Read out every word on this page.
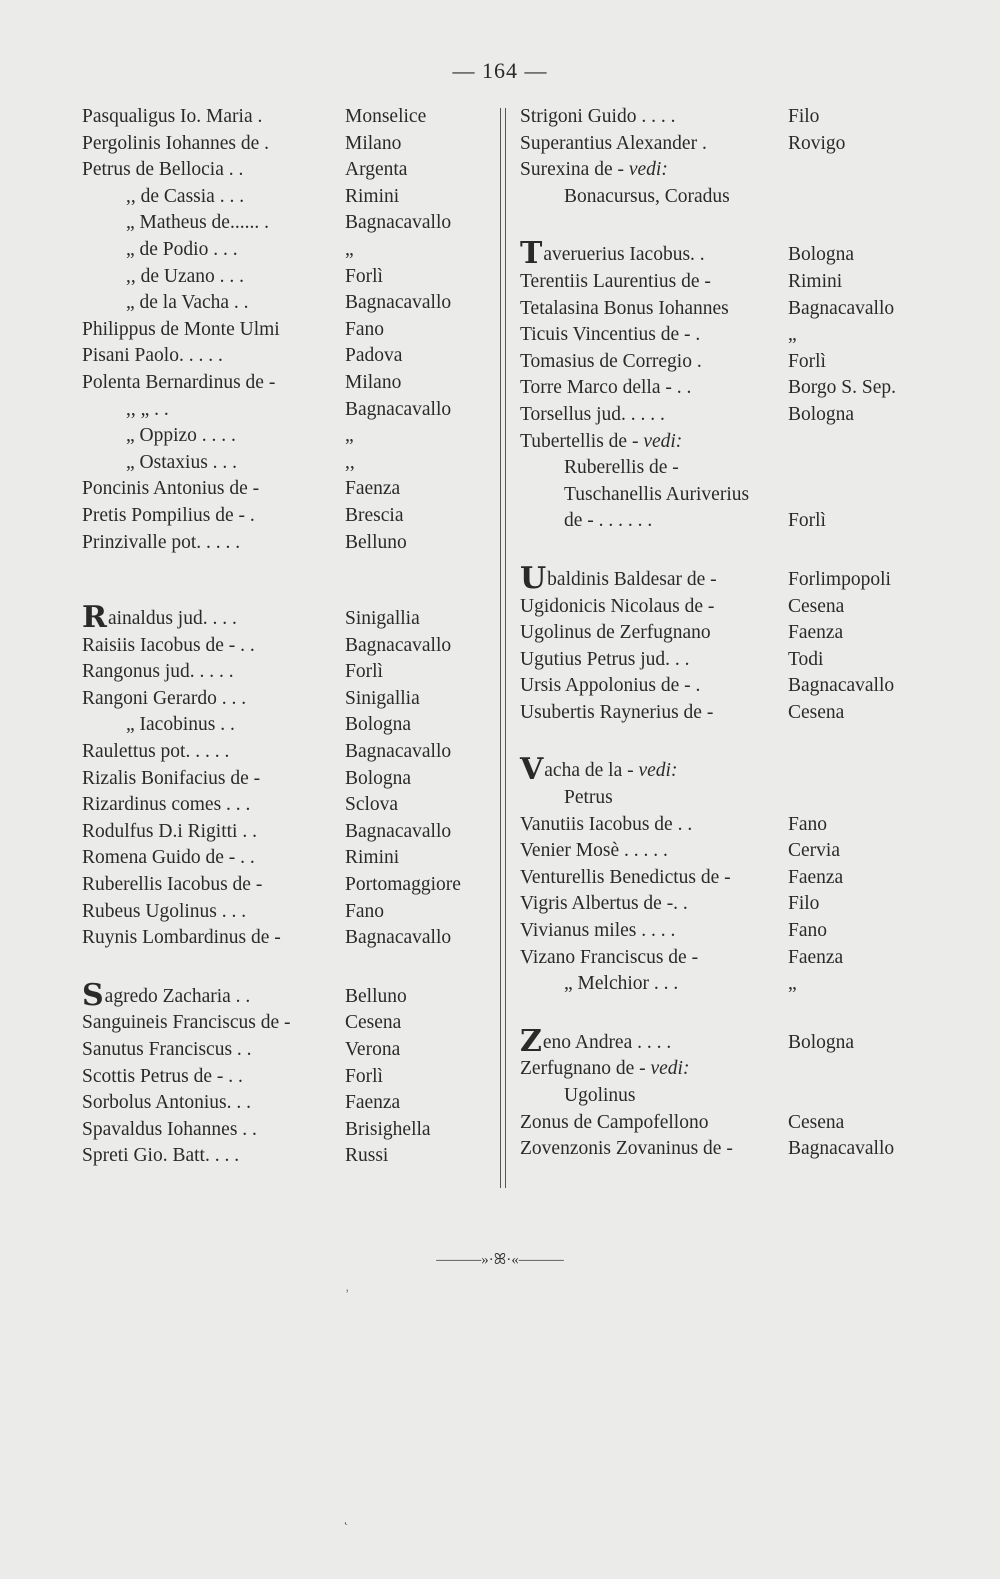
— 164 —
Pasqualigus Io. Maria .	Monselice
Pergolinis Iohannes de .	Milano
Petrus de Bellocia . .	Argenta
,, de Cassia . . .	Rimini
„ Matheus de...... .	Bagnacavallo
„ de Podio . . .	„
,, de Uzano . . .	Forlì
„ de la Vacha . .	Bagnacavallo
Philippus de Monte Ulmi	Fano
Pisani Paolo. . . . .	Padova
Polenta Bernardinus de -	Milano
,, „ . .	Bagnacavallo
„ Oppizo . . . .	„
„ Ostaxius . . .	,,
Poncinis Antonius de -	Faenza
Pretis Pompilius de - .	Brescia
Prinzivalle pot. . . . .	Belluno
Rainaldus jud. . . .	Sinigallia
Raisiis Iacobus de - . .	Bagnacavallo
Rangonus jud. . . . .	Forlì
Rangoni Gerardo . . .	Sinigallia
„ Iacobinus . .	Bologna
Raulettus pot. . . . .	Bagnacavallo
Rizalis Bonifacius de -	Bologna
Rizardinus comes . . .	Sclova
Rodulfus D.i Rigitti . .	Bagnacavallo
Romena Guido de - . .	Rimini
Ruberellis Iacobus de -	Portomaggiore
Rubeus Ugolinus . . .	Fano
Ruynis Lombardinus de -	Bagnacavallo
Sagredo Zacharia . .	Belluno
Sanguineis Franciscus de -	Cesena
Sanutus Franciscus . .	Verona
Scottis Petrus de - . .	Forlì
Sorbolus Antonius. . .	Faenza
Spavaldus Iohannes . .	Brisighella
Spreti Gio. Batt. . . .	Russi
Strigoni Guido . . . .	Filo
Superantius Alexander .	Rovigo
Surexina de - vedi:
Bonacursus, Coradus
Taveruerius Iacobus. .	Bologna
Terentiis Laurentius de -	Rimini
Tetalasina Bonus Iohannes	Bagnacavallo
Ticuis Vincentius de - .	„
Tomasius de Corregio .	Forlì
Torre Marco della - . .	Borgo S. Sep.
Torsellus jud. . . . .	Bologna
Tubertellis de - vedi:
Ruberellis de -
Tuschanellis Auriverius
de - . . . . . .	Forlì
Ubaldinis Baldesar de -	Forlimpopoli
Ugidonicis Nicolaus de -	Cesena
Ugolinus de Zerfugnano	Faenza
Ugutius Petrus jud. . .	Todi
Ursis Appolonius de - .	Bagnacavallo
Usubertis Raynerius de -	Cesena
Vacha de la - vedi:
Petrus
Vanutiis Iacobus de . .	Fano
Venier Mosè . . . . .	Cervia
Venturellis Benedictus de -	Faenza
Vigris Albertus de -. .	Filo
Vivianus miles . . . .	Fano
Vizano Franciscus de -	Faenza
„ Melchior . . .	„
Zeno Andrea . . . .	Bologna
Zerfugnano de - vedi:
Ugolinus
Zonus de Campofellono	Cesena
Zovenzonis Zovaninus de -	Bagnacavallo
———»·ꕤ·«———
ʼ
˛
